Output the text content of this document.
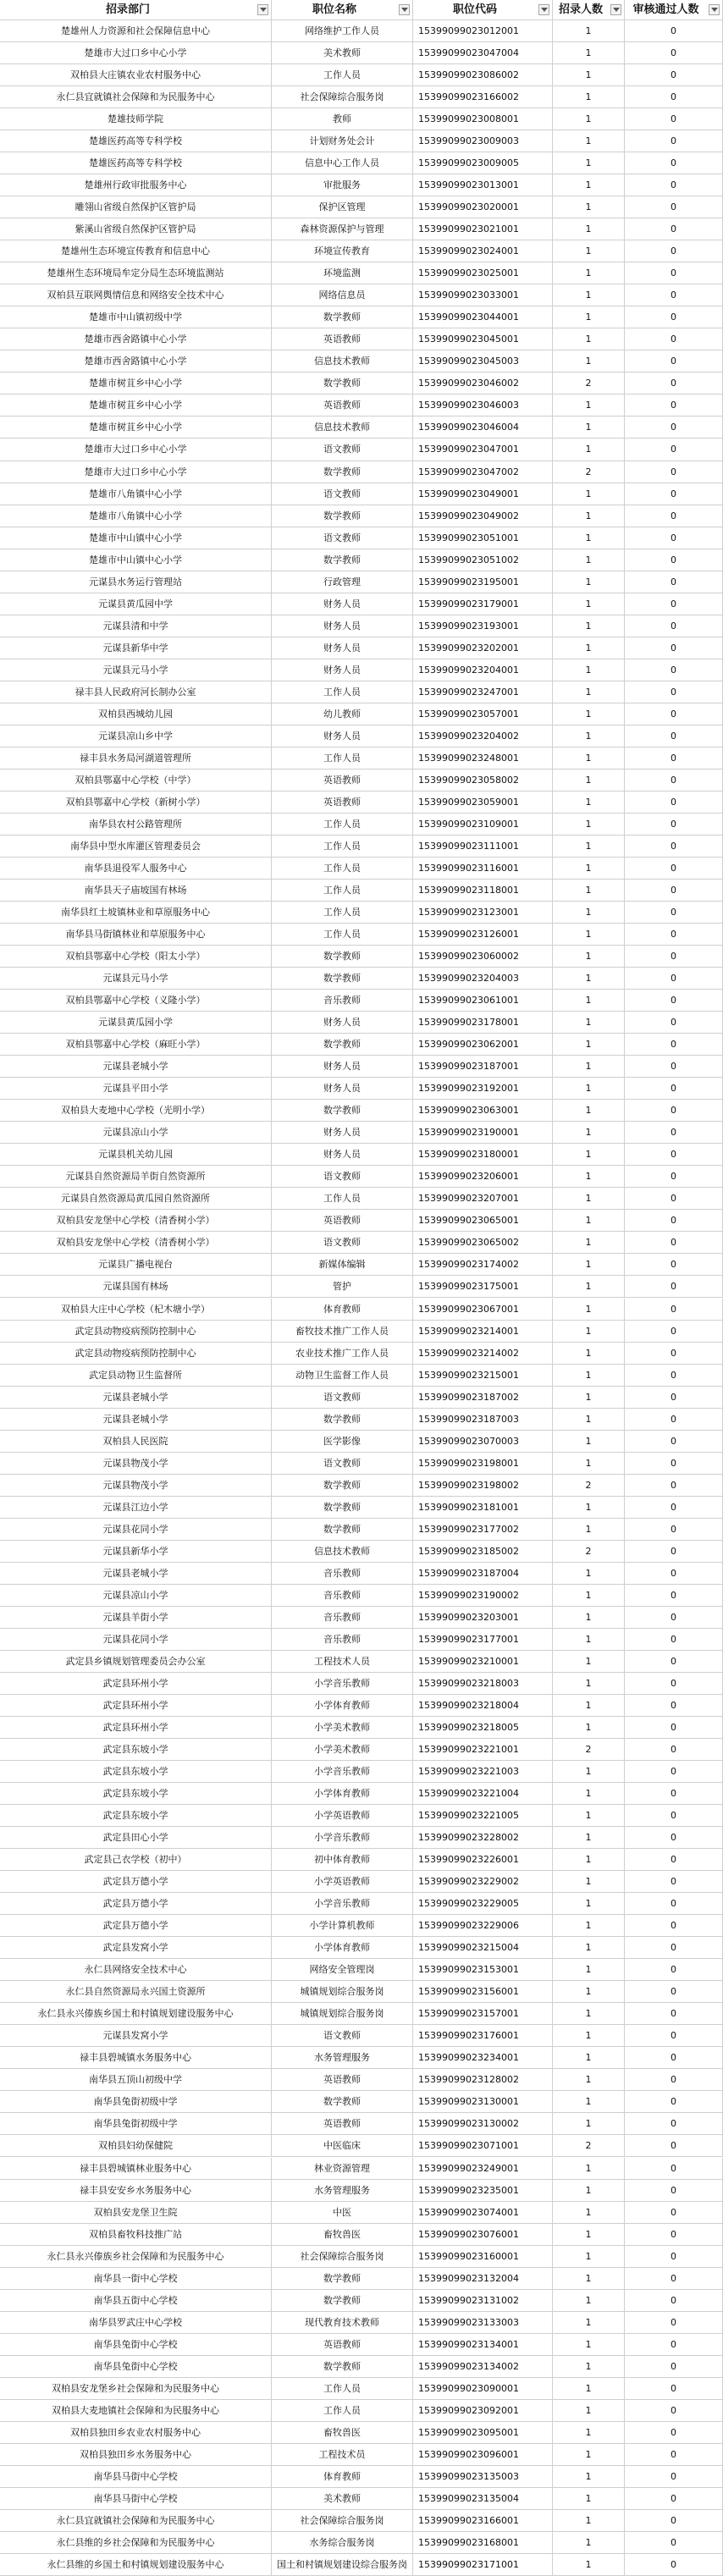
招录部门	职位名称	职位代码	招录人数	审核通过人数
楚雄州人力资源和社会保障信息中心	网络维护工作人员	15399099023012001	1	0
楚雄市大过口乡中心小学	美术教师	15399099023047004	1	0
双柏县大庄镇农业农村服务中心	工作人员	15399099023086002	1	0
永仁县宜就镇社会保障和为民服务中心	社会保障综合服务岗	15399099023166002	1	0
楚雄技师学院	教师	15399099023008001	1	0
楚雄医药高等专科学校	计划财务处会计	15399099023009003	1	0
楚雄医药高等专科学校	信息中心工作人员	15399099023009005	1	0
楚雄州行政审批服务中心	审批服务	15399099023013001	1	0
雕翎山省级自然保护区管护局	保护区管理	15399099023020001	1	0
紫溪山省级自然保护区管护局	森林资源保护与管理	15399099023021001	1	0
楚雄州生态环境宣传教育和信息中心	环境宣传教育	15399099023024001	1	0
楚雄州生态环境局牟定分局生态环境监测站	环境监测	15399099023025001	1	0
双柏县互联网舆情信息和网络安全技术中心	网络信息员	15399099023033001	1	0
楚雄市中山镇初级中学	数学教师	15399099023044001	1	0
楚雄市西舍路镇中心小学	英语教师	15399099023045001	1	0
楚雄市西舍路镇中心小学	信息技术教师	15399099023045003	1	0
楚雄市树苴乡中心小学	数学教师	15399099023046002	2	0
楚雄市树苴乡中心小学	英语教师	15399099023046003	1	0
楚雄市树苴乡中心小学	信息技术教师	15399099023046004	1	0
楚雄市大过口乡中心小学	语文教师	15399099023047001	1	0
楚雄市大过口乡中心小学	数学教师	15399099023047002	2	0
楚雄市八角镇中心小学	语文教师	15399099023049001	1	0
楚雄市八角镇中心小学	数学教师	15399099023049002	1	0
楚雄市中山镇中心小学	语文教师	15399099023051001	1	0
楚雄市中山镇中心小学	数学教师	15399099023051002	1	0
元谋县水务运行管理站	行政管理	15399099023195001	1	0
元谋县黄瓜园中学	财务人员	15399099023179001	1	0
元谋县清和中学	财务人员	15399099023193001	1	0
元谋县新华中学	财务人员	15399099023202001	1	0
元谋县元马小学	财务人员	15399099023204001	1	0
禄丰县人民政府河长制办公室	工作人员	15399099023247001	1	0
双柏县西城幼儿园	幼儿教师	15399099023057001	1	0
元谋县凉山乡中学	财务人员	15399099023204002	1	0
禄丰县水务局河湖道管理所	工作人员	15399099023248001	1	0
双柏县鄂嘉中心学校（中学）	英语教师	15399099023058002	1	0
双柏县鄂嘉中心学校（新树小学）	英语教师	15399099023059001	1	0
南华县农村公路管理所	工作人员	15399099023109001	1	0
南华县中型水库灌区管理委员会	工作人员	15399099023111001	1	0
南华县退役军人服务中心	工作人员	15399099023116001	1	0
南华县天子庙坡国有林场	工作人员	15399099023118001	1	0
南华县红土坡镇林业和草原服务中心	工作人员	15399099023123001	1	0
南华县马街镇林业和草原服务中心	工作人员	15399099023126001	1	0
双柏县鄂嘉中心学校（阳太小学）	数学教师	15399099023060002	1	0
元谋县元马小学	数学教师	15399099023204003	1	0
双柏县鄂嘉中心学校（义隆小学）	音乐教师	15399099023061001	1	0
元谋县黄瓜园小学	财务人员	15399099023178001	1	0
双柏县鄂嘉中心学校（麻旺小学）	数学教师	15399099023062001	1	0
元谋县老城小学	财务人员	15399099023187001	1	0
元谋县平田小学	财务人员	15399099023192001	1	0
双柏县大麦地中心学校（光明小学）	数学教师	15399099023063001	1	0
元谋县凉山小学	财务人员	15399099023190001	1	0
元谋县机关幼儿园	财务人员	15399099023180001	1	0
元谋县自然资源局羊街自然资源所	语文教师	15399099023206001	1	0
元谋县自然资源局黄瓜园自然资源所	工作人员	15399099023207001	1	0
双柏县安龙堡中心学校（清香树小学）	英语教师	15399099023065001	1	0
双柏县安龙堡中心学校（清香树小学）	语文教师	15399099023065002	1	0
元谋县广播电视台	新媒体编辑	15399099023174002	1	0
元谋县国有林场	管护	15399099023175001	1	0
双柏县大庄中心学校（杞木塘小学）	体育教师	15399099023067001	1	0
武定县动物疫病预防控制中心	畜牧技术推广工作人员	15399099023214001	1	0
武定县动物疫病预防控制中心	农业技术推广工作人员	15399099023214002	1	0
武定县动物卫生监督所	动物卫生监督工作人员	15399099023215001	1	0
元谋县老城小学	语文教师	15399099023187002	1	0
元谋县老城小学	数学教师	15399099023187003	1	0
双柏县人民医院	医学影像	15399099023070003	1	0
元谋县物茂小学	语文教师	15399099023198001	1	0
元谋县物茂小学	数学教师	15399099023198002	2	0
元谋县江边小学	数学教师	15399099023181001	1	0
元谋县花同小学	数学教师	15399099023177002	1	0
元谋县新华小学	信息技术教师	15399099023185002	2	0
元谋县老城小学	音乐教师	15399099023187004	1	0
元谋县凉山小学	音乐教师	15399099023190002	1	0
元谋县羊街小学	音乐教师	15399099023203001	1	0
元谋县花同小学	音乐教师	15399099023177001	1	0
武定县乡镇规划管理委员会办公室	工程技术人员	15399099023210001	1	0
武定县环州小学	小学音乐教师	15399099023218003	1	0
武定县环州小学	小学体育教师	15399099023218004	1	0
武定县环州小学	小学美术教师	15399099023218005	1	0
武定县东坡小学	小学美术教师	15399099023221001	2	0
武定县东坡小学	小学音乐教师	15399099023221003	1	0
武定县东坡小学	小学体育教师	15399099023221004	1	0
武定县东坡小学	小学英语教师	15399099023221005	1	0
武定县田心小学	小学音乐教师	15399099023228002	1	0
武定县己衣学校（初中）	初中体育教师	15399099023226001	1	0
武定县万德小学	小学英语教师	15399099023229002	1	0
武定县万德小学	小学音乐教师	15399099023229005	1	0
武定县万德小学	小学计算机教师	15399099023229006	1	0
武定县发窝小学	小学体育教师	15399099023215004	1	0
永仁县网络安全技术中心	网络安全管理岗	15399099023153001	1	0
永仁县自然资源局永兴国土资源所	城镇规划综合服务岗	15399099023156001	1	0
永仁县永兴傣族乡国土和村镇规划建设服务中心	城镇规划综合服务岗	15399099023157001	1	0
元谋县发窝小学	语文教师	15399099023176001	1	0
禄丰县碧城镇水务服务中心	水务管理服务	15399099023234001	1	0
南华县五顶山初级中学	英语教师	15399099023128002	1	0
南华县兔街初级中学	数学教师	15399099023130001	1	0
南华县兔街初级中学	英语教师	15399099023130002	1	0
双柏县妇幼保健院	中医临床	15399099023071001	2	0
禄丰县碧城镇林业服务中心	林业资源管理	15399099023249001	1	0
禄丰县安安乡水务服务中心	水务管理服务	15399099023235001	1	0
双柏县安龙堡卫生院	中医	15399099023074001	1	0
双柏县畜牧科技推广站	畜牧兽医	15399099023076001	1	0
永仁县永兴傣族乡社会保障和为民服务中心	社会保障综合服务岗	15399099023160001	1	0
南华县一街中心学校	数学教师	15399099023132004	1	0
南华县五街中心学校	数学教师	15399099023131002	1	0
南华县罗武庄中心学校	现代教育技术教师	15399099023133003	1	0
南华县兔街中心学校	英语教师	15399099023134001	1	0
南华县兔街中心学校	数学教师	15399099023134002	1	0
双柏县安龙堡乡社会保障和为民服务中心	工作人员	15399099023090001	1	0
双柏县大麦地镇社会保障和为民服务中心	工作人员	15399099023092001	1	0
双柏县独田乡农业农村服务中心	畜牧兽医	15399099023095001	1	0
双柏县独田乡水务服务中心	工程技术员	15399099023096001	1	0
南华县马街中心学校	体育教师	15399099023135003	1	0
南华县马街中心学校	美术教师	15399099023135004	1	0
永仁县宜就镇社会保障和为民服务中心	社会保障综合服务岗	15399099023166001	1	0
永仁县维的乡社会保障和为民服务中心	水务综合服务岗	15399099023168001	1	0
永仁县维的乡国土和村镇规划建设服务中心	国土和村镇规划建设综合服务岗	15399099023171001	1	0
